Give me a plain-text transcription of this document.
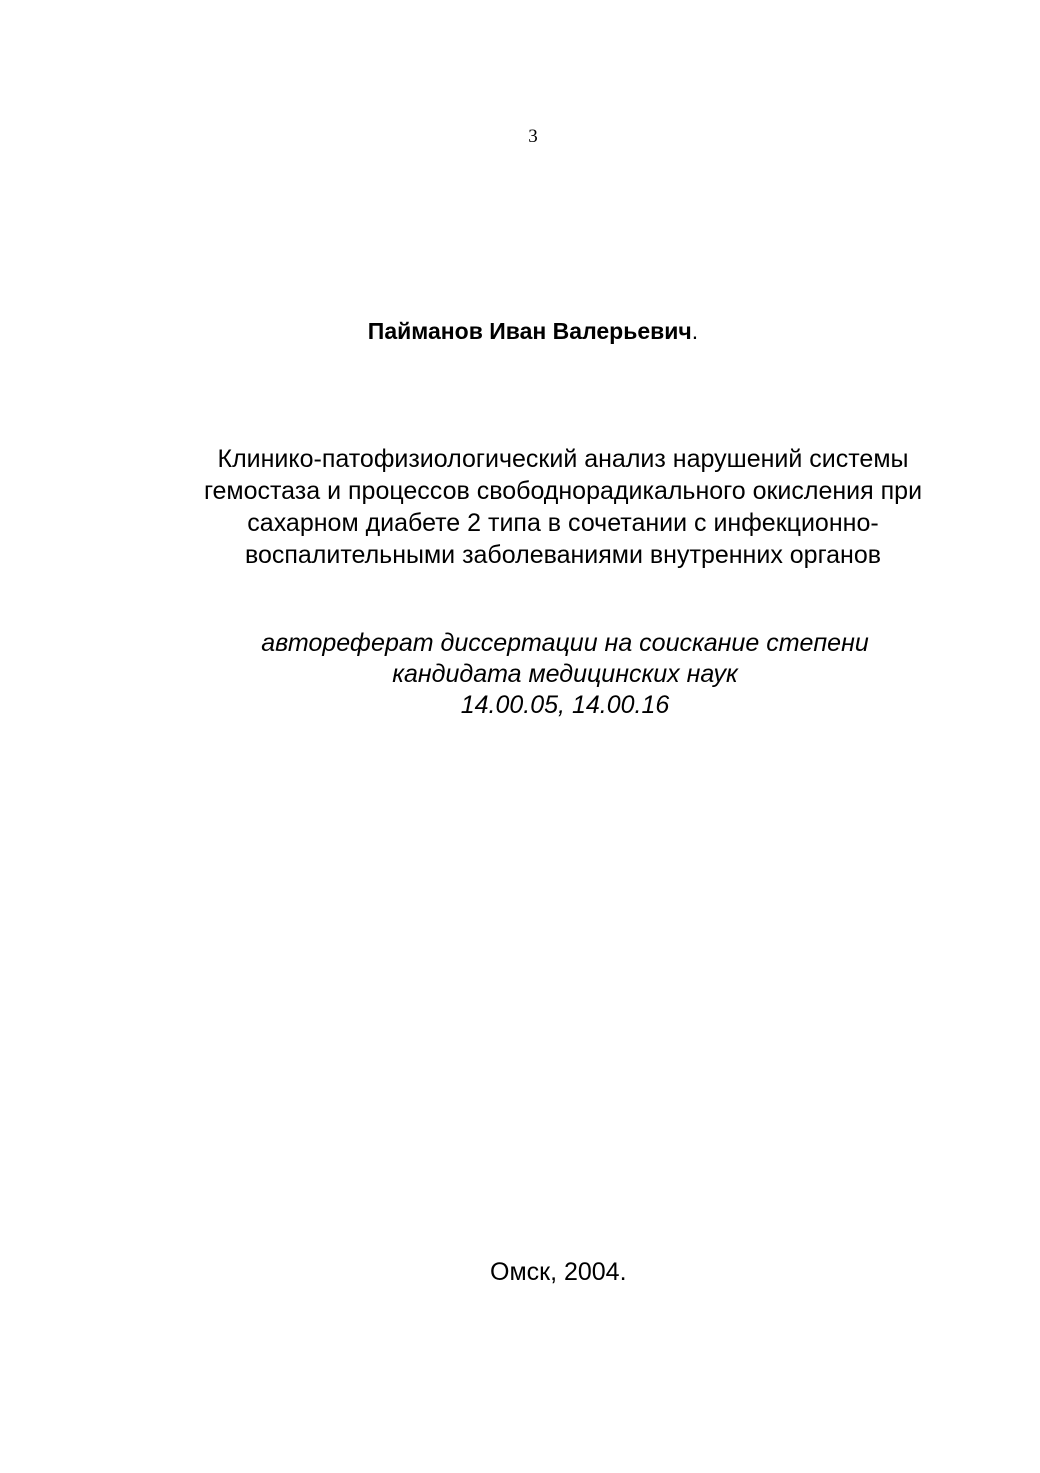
3
Пайманов Иван Валерьевич.
Клинико-патофизиологический анализ нарушений системы
гемостаза и процессов свободнорадикального окисления при
сахарном диабете 2 типа в сочетании с инфекционно-
воспалительными заболеваниями внутренних органов
автореферат диссертации на соискание степени
кандидата медицинских наук
14.00.05, 14.00.16
Омск, 2004.
